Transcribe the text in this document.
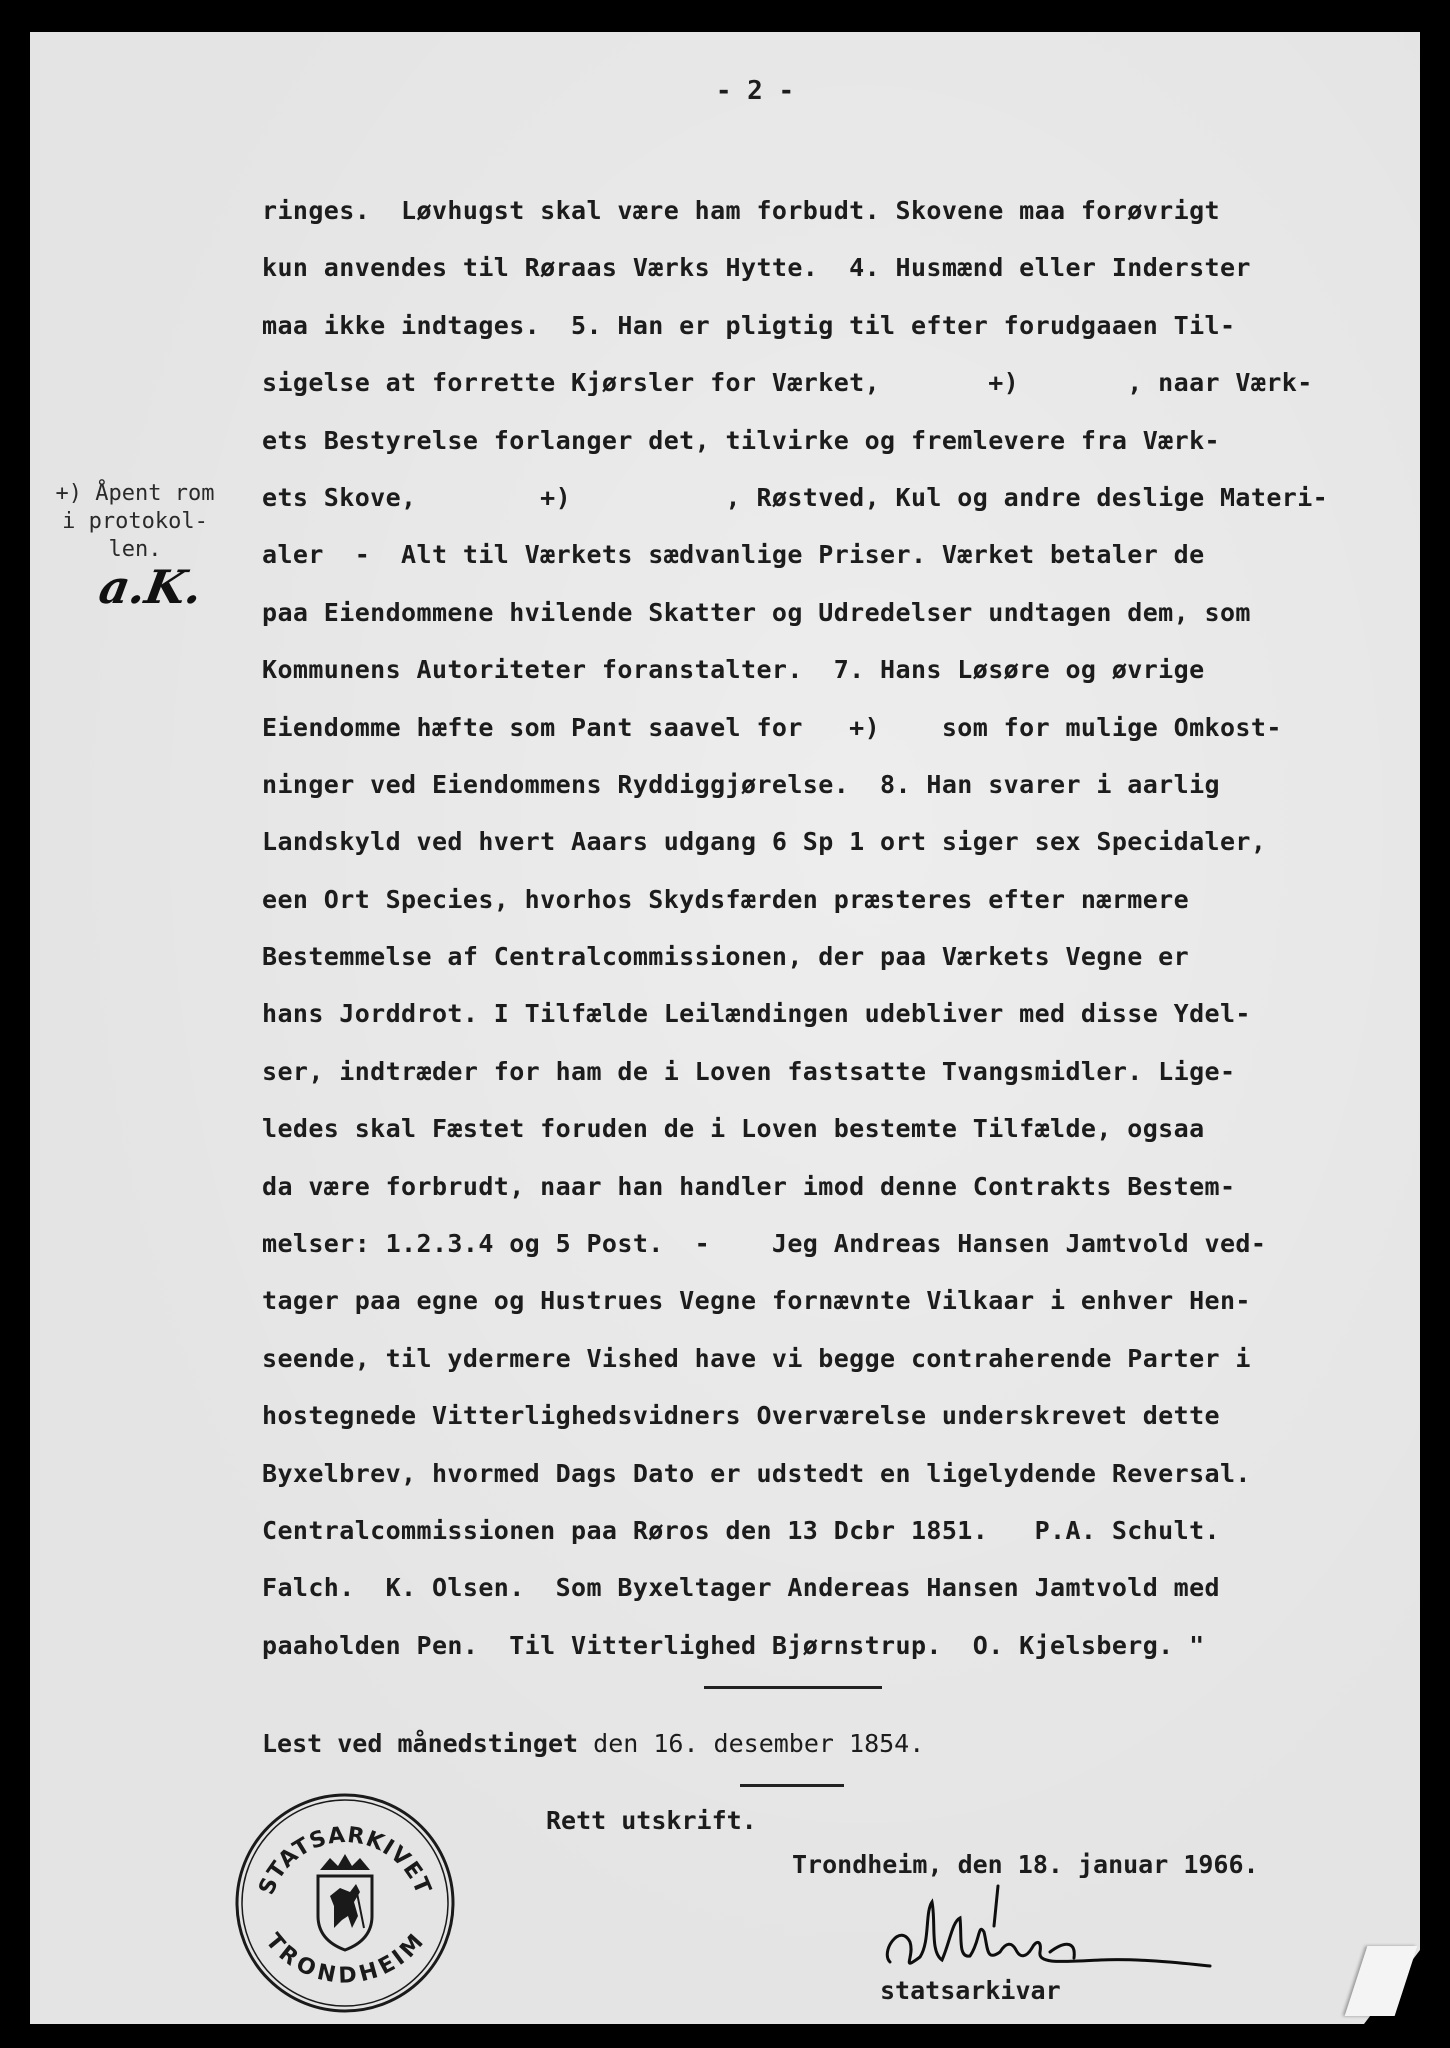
- 2 -
+) Åpent rom
i protokol-
len.
a.K.
ringes.  Løvhugst skal være ham forbudt. Skovene maa forøvrigt
kun anvendes til Røraas Værks Hytte.  4. Husmænd eller Inderster
maa ikke indtages.  5. Han er pligtig til efter forudgaaen Til-
sigelse at forrette Kjørsler for Værket,       +)       , naar Værk-
ets Bestyrelse forlanger det, tilvirke og fremlevere fra Værk-
ets Skove,        +)          , Røstved, Kul og andre deslige Materi-
aler  -  Alt til Værkets sædvanlige Priser. Værket betaler de
paa Eiendommene hvilende Skatter og Udredelser undtagen dem, som
Kommunens Autoriteter foranstalter.  7. Hans Løsøre og øvrige
Eiendomme hæfte som Pant saavel for   +)    som for mulige Omkost-
ninger ved Eiendommens Ryddiggjørelse.  8. Han svarer i aarlig
Landskyld ved hvert Aaars udgang 6 Sp 1 ort siger sex Specidaler,
een Ort Species, hvorhos Skydsfærden præsteres efter nærmere
Bestemmelse af Centralcommissionen, der paa Værkets Vegne er
hans Jorddrot. I Tilfælde Leilændingen udebliver med disse Ydel-
ser, indtræder for ham de i Loven fastsatte Tvangsmidler. Lige-
ledes skal Fæstet foruden de i Loven bestemte Tilfælde, ogsaa
da være forbrudt, naar han handler imod denne Contrakts Bestem-
melser: 1.2.3.4 og 5 Post.  -    Jeg Andreas Hansen Jamtvold ved-
tager paa egne og Hustrues Vegne fornævnte Vilkaar i enhver Hen-
seende, til ydermere Vished have vi begge contraherende Parter i
hostegnede Vitterlighedsvidners Overværelse underskrevet dette
Byxelbrev, hvormed Dags Dato er udstedt en ligelydende Reversal.
Centralcommissionen paa Røros den 13 Dcbr 1851.   P.A. Schult.
Falch.  K. Olsen.  Som Byxeltager Andereas Hansen Jamtvold med
paaholden Pen.  Til Vitterlighed Bjørnstrup.  O. Kjelsberg. "
Lest ved månedstinget den 16. desember 1854.
Rett utskrift.
Trondheim, den 18. januar 1966.
STATSARKIVET
TRONDHEIM
statsarkivar
